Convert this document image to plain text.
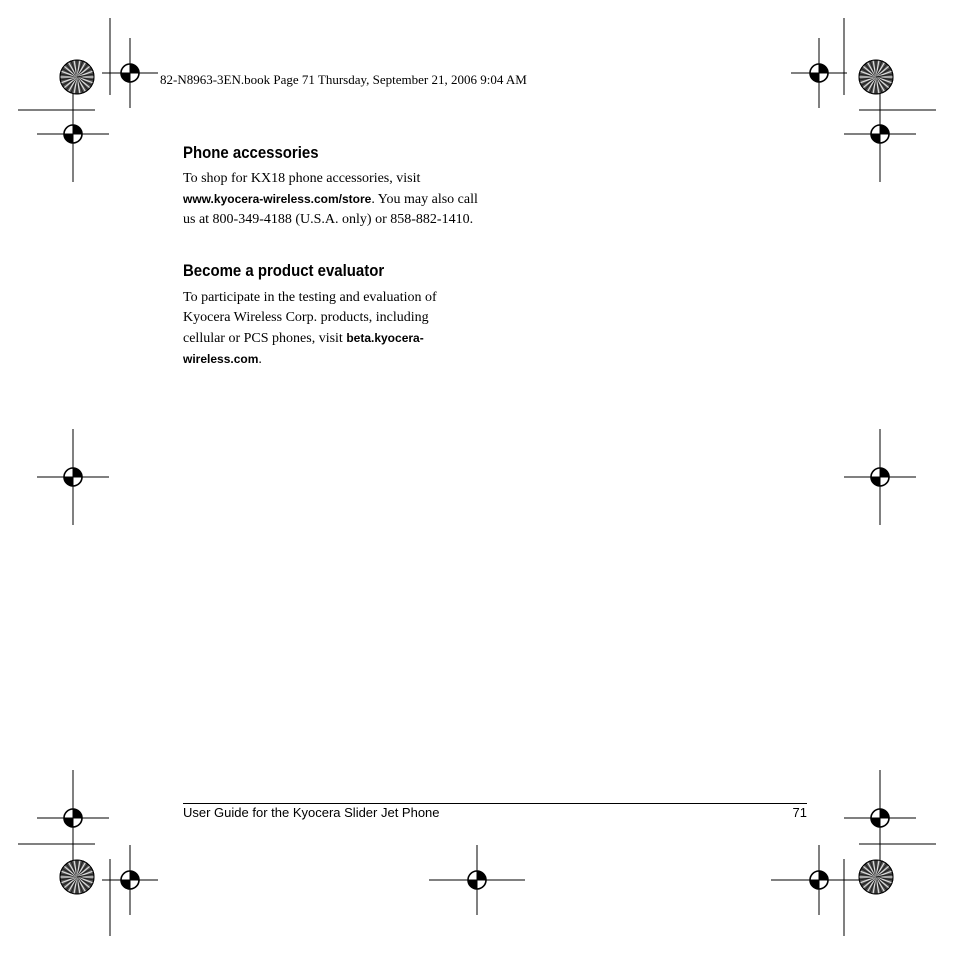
82-N8963-3EN.book Page 71 Thursday, September 21, 2006 9:04 AM
Phone accessories
To shop for KX18 phone accessories, visit www.kyocera-wireless.com/store. You may also call us at 800-349-4188 (U.S.A. only) or 858-882-1410.
Become a product evaluator
To participate in the testing and evaluation of Kyocera Wireless Corp. products, including cellular or PCS phones, visit beta.kyocera-wireless.com.
User Guide for the Kyocera Slider Jet Phone	71
